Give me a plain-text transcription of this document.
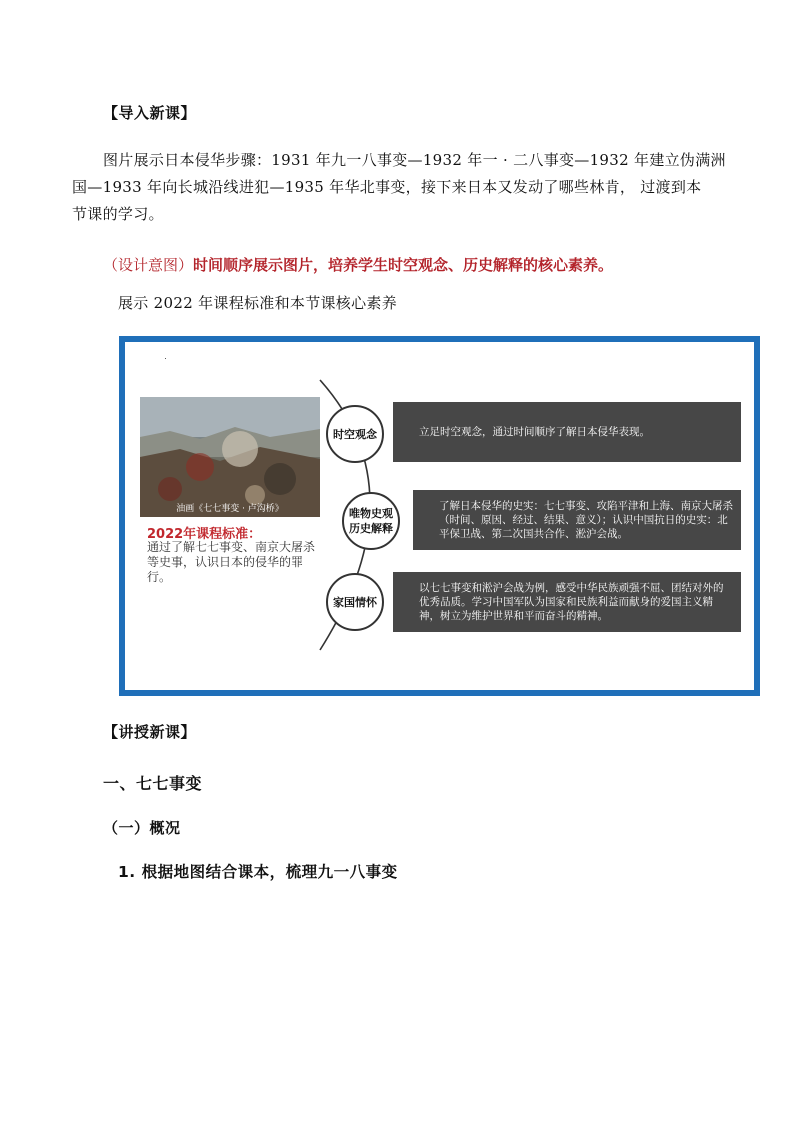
【导入新课】
图片展示日本侵华步骤：1931 年九一八事变—1932 年一 · 二八事变—1932 年建立伪满洲
国—1933 年向长城沿线进犯—1935 年华北事变，接下来日本又发动了哪些林肯， 过渡到本
节课的学习。
（设计意图）时间顺序展示图片，培养学生时空观念、历史解释的核心素养。
展示 2022 年课程标准和本节课核心素养
油画《七七事变 · 卢沟桥》
2022年课程标准：
通过了解七七事变、南京大屠杀等史事，认识日本的侵华的罪行。
立足时空观念，通过时间顺序了解日本侵华表现。
时空观念
了解日本侵华的史实：七七事变、攻陷平津和上海、南京大屠杀（时间、原因、经过、结果、意义）；认识中国抗日的史实：北平保卫战、第二次国共合作、淞沪会战。
唯物史观
历史解释
以七七事变和淞沪会战为例，感受中华民族顽强不屈、团结对外的优秀品质。学习中国军队为国家和民族利益而献身的爱国主义精神，树立为维护世界和平而奋斗的精神。
家国情怀
【讲授新课】
一、七七事变
（一）概况
1. 根据地图结合课本，梳理九一八事变
